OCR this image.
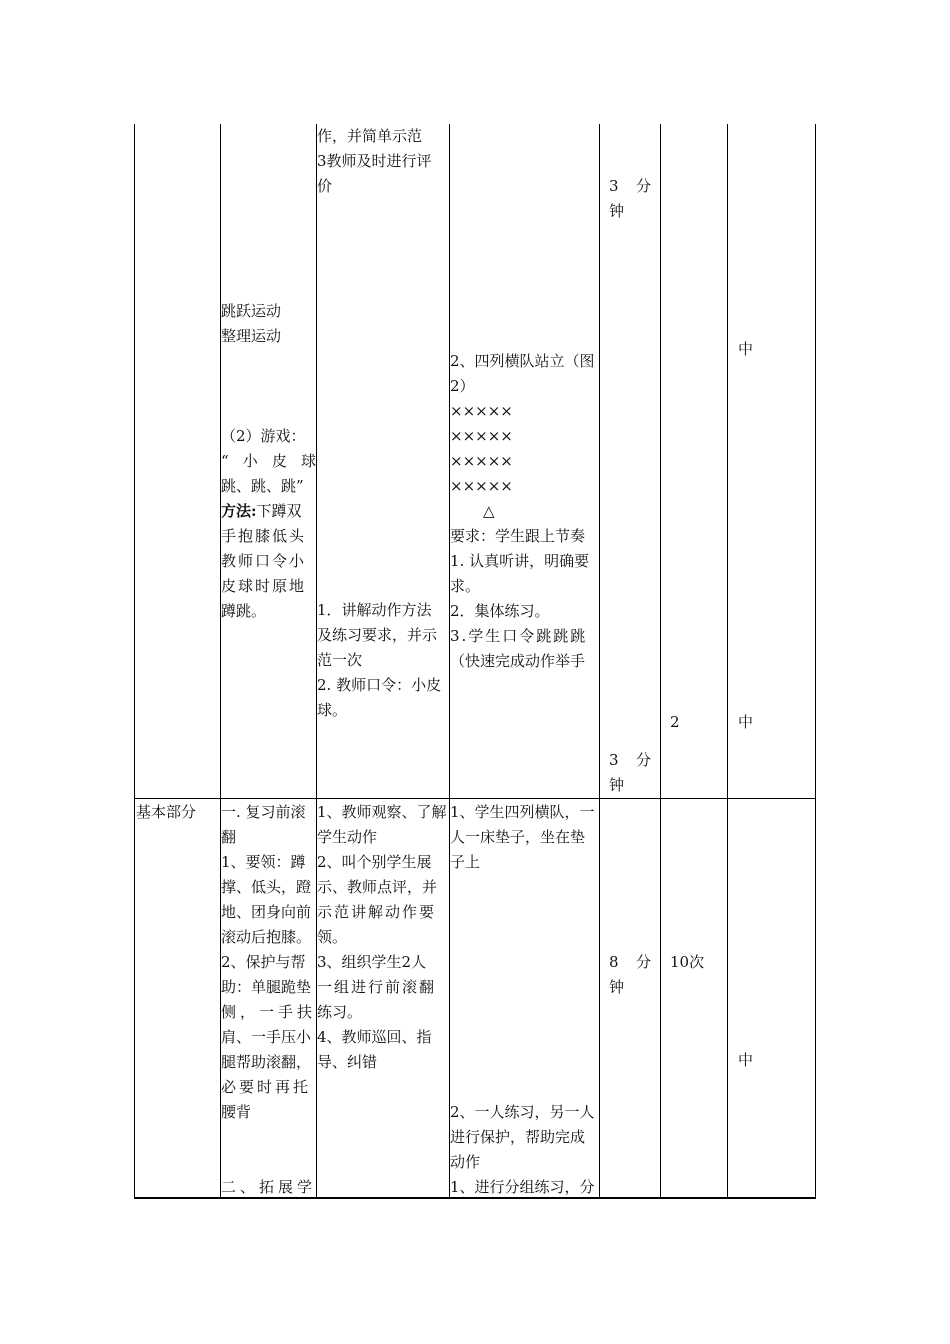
作，并简单示范
3教师及时进行评
价
1．讲解动作方法
及练习要求，并示
范一次
2. 教师口令：小皮
球。
跳跃运动
整理运动
（2）游戏：
“ 小 皮 球
跳、跳、跳”
方法:下蹲双
手抱膝低头
教师口令小
皮球时原地
蹲跳。
2、四列横队站立（图
2）
×××××
×××××
×××××
×××××
△
要求：学生跟上节奏
1. 认真听讲，明确要
求。
2．集体练习。
3.学生口令跳跳跳
（快速完成动作举手
3 分
钟
3 分
钟
2
中
中
基本部分 一. 复习前滚
翻
1、要领：蹲
撑、低头，蹬
地、团身向前
滚动后抱膝。
2、保护与帮
助：单腿跪垫
侧，一手扶
肩、一手压小
腿帮助滚翻，
必要时再托
腰背
二、拓展学
1、教师观察、了解
学生动作
2、叫个别学生展
示、教师点评，并
示范讲解动作要
领。
3、组织学生2人
一组进行前滚翻
练习。
4、教师巡回、指
导、纠错
1、学生四列横队，一
人一床垫子，坐在垫
子上
2、一人练习，另一人
进行保护，帮助完成
动作
1、进行分组练习，分
8 分
钟
10次
中
